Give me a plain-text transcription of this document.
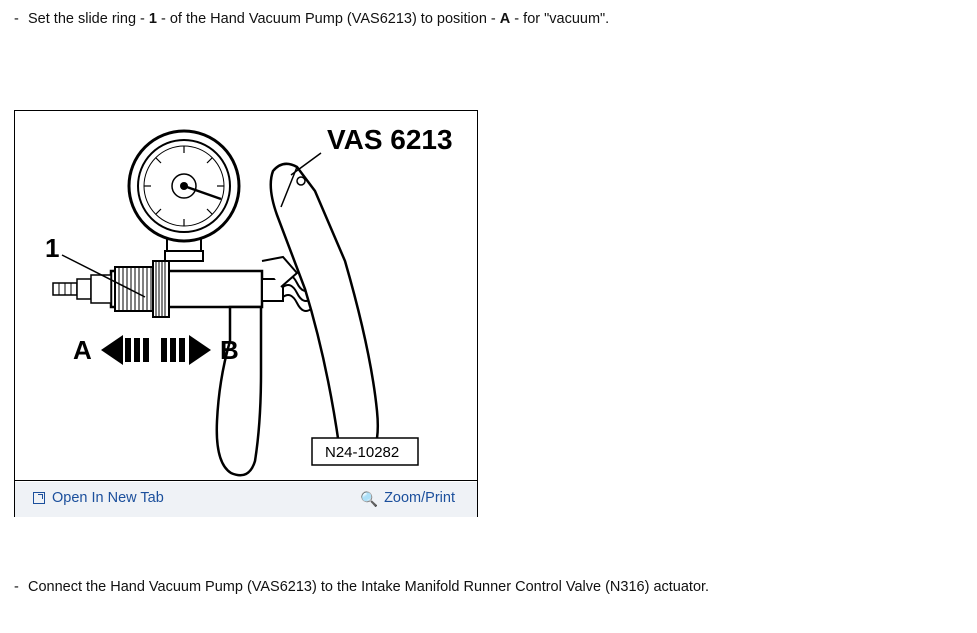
- Set the slide ring - 1 - of the Hand Vacuum Pump (VAS6213) to position - A - for "vacuum".
1
VAS 6213
A	B
N24-10282
Open In New Tab	🔍 Zoom/Print
- Connect the Hand Vacuum Pump (VAS6213) to the Intake Manifold Runner Control Valve (N316) actuator.
